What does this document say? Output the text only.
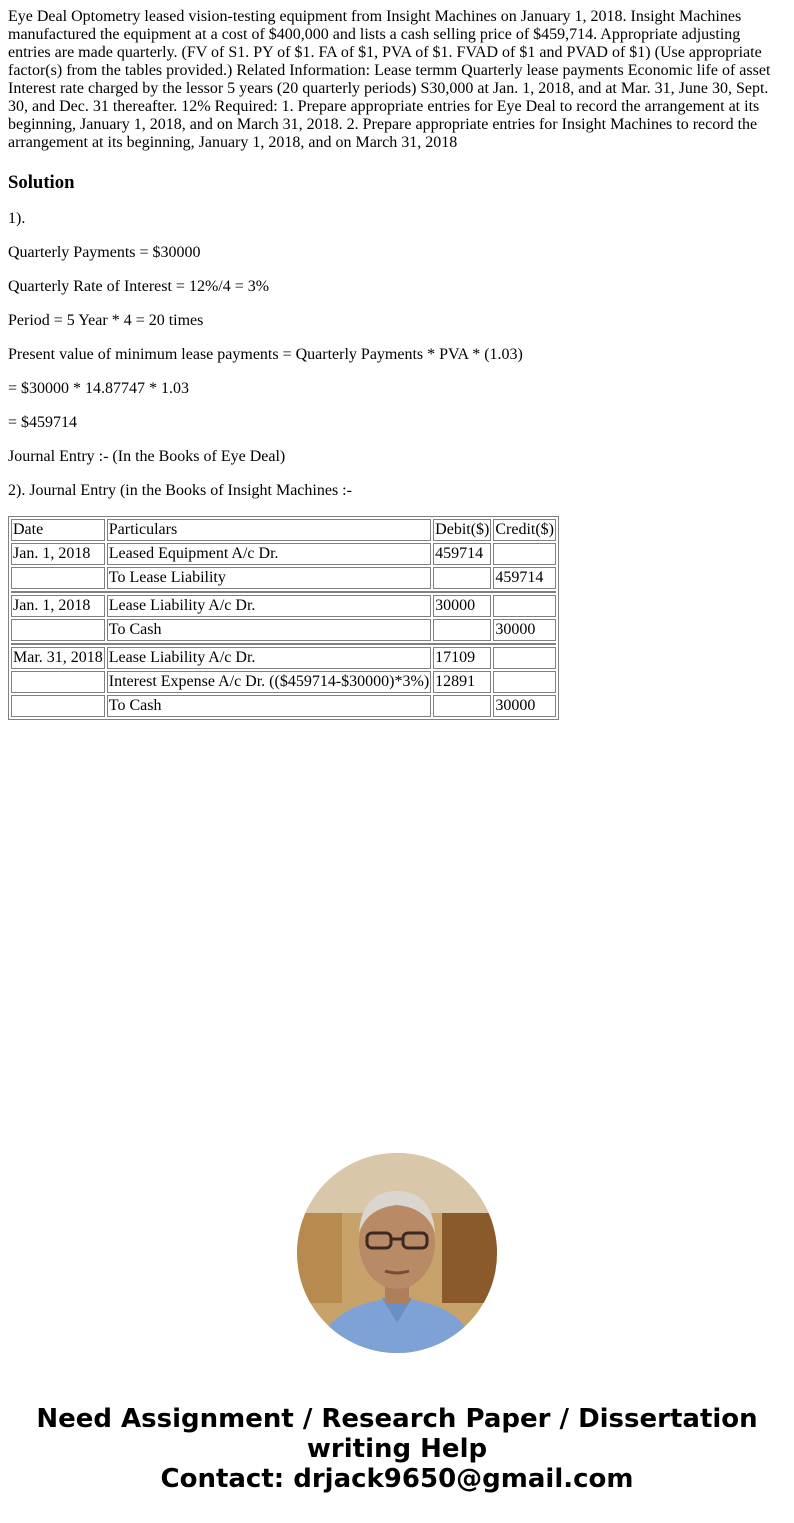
Eye Deal Optometry leased vision-testing equipment from Insight Machines on January 1, 2018. Insight Machines manufactured the equipment at a cost of $400,000 and lists a cash selling price of $459,714. Appropriate adjusting entries are made quarterly. (FV of S1. PY of $1. FA of $1, PVA of $1. FVAD of $1 and PVAD of $1) (Use appropriate factor(s) from the tables provided.) Related Information: Lease termm Quarterly lease payments Economic life of asset Interest rate charged by the lessor 5 years (20 quarterly periods) S30,000 at Jan. 1, 2018, and at Mar. 31, June 30, Sept. 30, and Dec. 31 thereafter. 12% Required: 1. Prepare appropriate entries for Eye Deal to record the arrangement at its beginning, January 1, 2018, and on March 31, 2018. 2. Prepare appropriate entries for Insight Machines to record the arrangement at its beginning, January 1, 2018, and on March 31, 2018

Solution

1).

Quarterly Payments = $30000

Quarterly Rate of Interest = 12%/4 = 3%

Period = 5 Year * 4 = 20 times

Present value of minimum lease payments = Quarterly Payments * PVA * (1.03)

= $30000 * 14.87747 * 1.03

= $459714

Journal Entry :- (In the Books of Eye Deal)

2). Journal Entry (in the Books of Insight Machines :-

Date	Particulars	Debit($)	Credit($)
Jan. 1, 2018	Leased Equipment A/c Dr.	459714	
	To Lease Liability		459714

Jan. 1, 2018	Lease Liability A/c Dr.	30000	
	To Cash		30000

Mar. 31, 2018	Lease Liability A/c Dr.	17109	
	Interest Expense A/c Dr. (($459714-$30000)*3%)	12891	
	To Cash		30000
Need Assignment / Research Paper / Dissertation
writing Help
Contact: drjack9650@gmail.com
